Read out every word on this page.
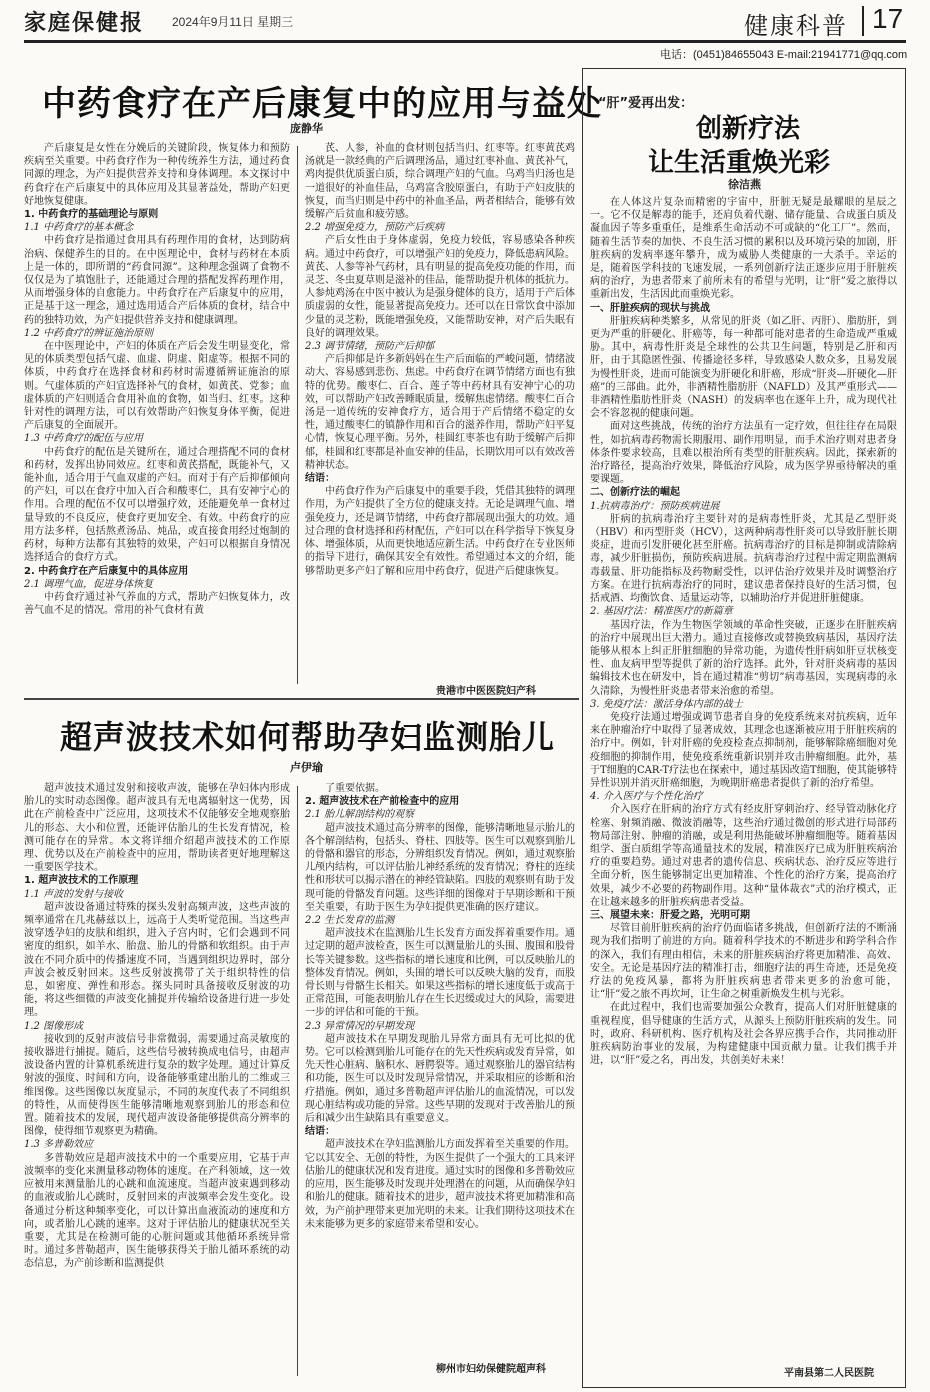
家庭保健报 2024年9月11日 星期三	健康科普 17
电话：(0451)84655043 E-mail:21941771@qq.com
中药食疗在产后康复中的应用与益处
庞静华

产后康复是女性在分娩后的关键阶段，恢复体力和预防疾病至关重要。中药食疗作为一种传统养生方法，通过药食同源的理念，为产妇提供营养支持和身体调理。本文探讨中药食疗在产后康复中的具体应用及其显著益处，帮助产妇更好地恢复健康。

1. 中药食疗的基础理论与原则

1.1 中药食疗的基本概念

中药食疗是指通过食用具有药理作用的食材，达到防病治病、保健养生的目的。在中医理论中，食材与药材在本质上是一体的，即所谓的“药食同源”。这种理念强调了食物不仅仅是为了填饱肚子，还能通过合理的搭配发挥药理作用，从而增强身体的自愈能力。中药食疗在产后康复中的应用，正是基于这一理念，通过选用适合产后体质的食材，结合中药的独特功效，为产妇提供营养支持和健康调理。

1.2 中药食疗的辨证施治原则

在中医理论中，产妇的体质在产后会发生明显变化，常见的体质类型包括气虚、血虚、阴虚、阳虚等。根据不同的体质，中药食疗在选择食材和药材时需遵循辨证施治的原则。气虚体质的产妇宜选择补气的食材，如黄芪、党参；血虚体质的产妇则适合食用补血的食物，如当归、红枣。这种针对性的调理方法，可以有效帮助产妇恢复身体平衡，促进产后康复的全面展开。

1.3 中药食疗的配伍与应用

中药食疗的配伍是关键所在，通过合理搭配不同的食材和药材，发挥出协同效应。红枣和黄芪搭配，既能补气，又能补血，适合用于气血双虚的产妇。而对于有产后抑郁倾向的产妇，可以在食疗中加入百合和酸枣仁，具有安神宁心的作用。合理的配伍不仅可以增强疗效，还能避免单一食材过量导致的不良反应，使食疗更加安全、有效。中药食疗的应用方法多样，包括熬煮汤品、炖品，或直接食用经过炮制的药材，每种方法都有其独特的效果，产妇可以根据自身情况选择适合的食疗方式。

2. 中药食疗在产后康复中的具体应用

2.1 调理气血，促进身体恢复

中药食疗通过补气养血的方式，帮助产妇恢复体力，改善气血不足的情况。常用的补气食材有黄

芪、人参，补血的食材则包括当归、红枣等。红枣黄芪鸡汤就是一款经典的产后调理汤品，通过红枣补血、黄芪补气，鸡肉提供优质蛋白质，综合调理产妇的气血。乌鸡当归汤也是一道很好的补血佳品，乌鸡富含胶原蛋白，有助于产妇皮肤的恢复，而当归则是中药中的补血圣品，两者相结合，能够有效缓解产后贫血和疲劳感。

2.2 增强免疫力，预防产后疾病

产后女性由于身体虚弱，免疫力较低，容易感染各种疾病。通过中药食疗，可以增强产妇的免疫力，降低患病风险。黄芪、人参等补气药材，具有明显的提高免疫功能的作用，而灵芝、冬虫夏草则是滋补的佳品，能帮助提升机体的抵抗力。人参炖鸡汤在中医中被认为是强身健体的良方，适用于产后体质虚弱的女性，能显著提高免疫力。还可以在日常饮食中添加少量的灵芝粉，既能增强免疫，又能帮助安神，对产后失眠有良好的调理效果。

2.3 调节情绪，预防产后抑郁

产后抑郁是许多新妈妈在生产后面临的严峻问题，情绪波动大、容易感到悲伤、焦虑。中药食疗在调节情绪方面也有独特的优势。酸枣仁、百合、莲子等中药材具有安神宁心的功效，可以帮助产妇改善睡眠质量，缓解焦虑情绪。酸枣仁百合汤是一道传统的安神食疗方，适合用于产后情绪不稳定的女性，通过酸枣仁的镇静作用和百合的滋养作用，帮助产妇平复心情，恢复心理平衡。另外，桂圆红枣茶也有助于缓解产后抑郁，桂圆和红枣都是补血安神的佳品，长期饮用可以有效改善精神状态。

结语：

中药食疗作为产后康复中的重要手段，凭借其独特的调理作用，为产妇提供了全方位的健康支持。无论是调理气血、增强免疫力，还是调节情绪，中药食疗都展现出强大的功效。通过合理的食材选择和药材配伍，产妇可以在科学指导下恢复身体、增强体质，从而更快地适应新生活。中药食疗在专业医师的指导下进行，确保其安全有效性。希望通过本文的介绍，能够帮助更多产妇了解和应用中药食疗，促进产后健康恢复。

贵港市中医医院妇产科
超声波技术如何帮助孕妇监测胎儿
卢伊瑜

超声波技术通过发射和接收声波，能够在孕妇体内形成胎儿的实时动态图像。超声波具有无电离辐射这一优势，因此在产前检查中广泛应用，这项技术不仅能够安全地观察胎儿的形态、大小和位置，还能评估胎儿的生长发育情况，检测可能存在的异常。本文将详细介绍超声波技术的工作原理、优势以及在产前检查中的应用，帮助读者更好地理解这一重要医学技术。

1. 超声波技术的工作原理

1.1 声波的发射与接收

超声波设备通过特殊的探头发射高频声波，这些声波的频率通常在几兆赫兹以上，远高于人类听觉范围。当这些声波穿透孕妇的皮肤和组织，进入子宫内时，它们会遇到不同密度的组织，如羊水、胎盘、胎儿的骨骼和软组织。由于声波在不同介质中的传播速度不同，当遇到组织边界时，部分声波会被反射回来。这些反射波携带了关于组织特性的信息，如密度、弹性和形态。探头同时具备接收反射波的功能，将这些细微的声波变化捕捉并传输给设备进行进一步处理。

1.2 图像形成

接收到的反射声波信号非常微弱，需要通过高灵敏度的接收器进行捕捉。随后，这些信号被转换成电信号，由超声波设备内置的计算机系统进行复杂的数字处理。通过计算反射波的强度、时间和方向，设备能够重建出胎儿的二维或三维图像。这些图像以灰度显示，不同的灰度代表了不同组织的特性，从而使得医生能够清晰地观察到胎儿的形态和位置。随着技术的发展，现代超声波设备能够提供高分辨率的图像，使得细节观察更为精确。

1.3 多普勒效应

多普勒效应是超声波技术中的一个重要应用，它基于声波频率的变化来测量移动物体的速度。在产科领域，这一效应被用来测量胎儿的心跳和血流速度。当超声波束遇到移动的血液或胎儿心跳时，反射回来的声波频率会发生变化。设备通过分析这种频率变化，可以计算出血液流动的速度和方向，或者胎儿心跳的速率。这对于评估胎儿的健康状况至关重要，尤其是在检测可能的心脏问题或其他循环系统异常时。通过多普勒超声，医生能够获得关于胎儿循环系统的动态信息，为产前诊断和监测提供

了重要依据。

2. 超声波技术在产前检查中的应用

2.1 胎儿解剖结构的观察

超声波技术通过高分辨率的图像，能够清晰地显示胎儿的各个解剖结构，包括头、脊柱、四肢等。医生可以观察到胎儿的骨骼和器官的形态，分辨组织发育情况。例如，通过观察胎儿颅内结构，可以评估胎儿神经系统的发育情况；脊柱的连续性和形状可以揭示潜在的神经管缺陷。四肢的观察则有助于发现可能的骨骼发育问题。这些详细的图像对于早期诊断和干预至关重要，有助于医生为孕妇提供更准确的医疗建议。

2.2 生长发育的监测

超声波技术在监测胎儿生长发育方面发挥着重要作用。通过定期的超声波检查，医生可以测量胎儿的头围、腹围和股骨长等关键参数。这些指标的增长速度和比例，可以反映胎儿的整体发育情况。例如，头围的增长可以反映大脑的发育，而股骨长则与骨骼生长相关。如果这些指标的增长速度低于或高于正常范围，可能表明胎儿存在生长迟缓或过大的风险，需要进一步的评估和可能的干预。

2.3 异常情况的早期发现

超声波技术在早期发现胎儿异常方面具有无可比拟的优势。它可以检测到胎儿可能存在的先天性疾病或发育异常，如先天性心脏病、脑积水、唇腭裂等。通过观察胎儿的器官结构和功能，医生可以及时发现异常情况，并采取相应的诊断和治疗措施。例如，通过多普勒超声评估胎儿的血流情况，可以发现心脏结构或功能的异常。这些早期的发现对于改善胎儿的预后和减少出生缺陷具有重要意义。

结语：

超声波技术在孕妇监测胎儿方面发挥着至关重要的作用。它以其安全、无创的特性，为医生提供了一个强大的工具来评估胎儿的健康状况和发育进度。通过实时的图像和多普勒效应的应用，医生能够及时发现并处理潜在的问题，从而确保孕妇和胎儿的健康。随着技术的进步，超声波技术将更加精准和高效，为产前护理带来更加光明的未来。让我们期待这项技术在未来能够为更多的家庭带来希望和安心。

柳州市妇幼保健院超声科
“肝”爱再出发：
创新疗法
让生活重焕光彩
徐洁燕

在人体这片复杂而精密的宇宙中，肝脏无疑是最耀眼的星辰之一。它不仅是解毒的能手，还肩负着代谢、储存能量、合成蛋白质及凝血因子等多重重任，是维系生命活动不可或缺的“化工厂”。然而，随着生活节奏的加快、不良生活习惯的累积以及环境污染的加剧，肝脏疾病的发病率逐年攀升，成为威胁人类健康的一大杀手。幸运的是，随着医学科技的飞速发展，一系列创新疗法正逐步应用于肝脏疾病的治疗，为患者带来了前所未有的希望与光明，让“肝”爱之旅得以重新出发，生活因此而重焕光彩。

一、肝脏疾病的现状与挑战

肝脏疾病种类繁多，从常见的肝炎（如乙肝、丙肝）、脂肪肝，到更为严重的肝硬化、肝癌等，每一种都可能对患者的生命造成严重威胁。其中，病毒性肝炎是全球性的公共卫生问题，特别是乙肝和丙肝，由于其隐匿性强、传播途径多样，导致感染人数众多，且易发展为慢性肝炎，进而可能演变为肝硬化和肝癌，形成“肝炎—肝硬化—肝癌”的三部曲。此外，非酒精性脂肪肝（NAFLD）及其严重形式——非酒精性脂肪性肝炎（NASH）的发病率也在逐年上升，成为现代社会不容忽视的健康问题。

面对这些挑战，传统的治疗方法虽有一定疗效，但往往存在局限性，如抗病毒药物需长期服用、副作用明显，而手术治疗则对患者身体条件要求较高，且难以根治所有类型的肝脏疾病。因此，探索新的治疗路径，提高治疗效果，降低治疗风险，成为医学界亟待解决的重要课题。

二、创新疗法的崛起

1.抗病毒治疗：预防疾病进展

肝病的抗病毒治疗主要针对的是病毒性肝炎，尤其是乙型肝炎（HBV）和丙型肝炎（HCV），这两种病毒性肝炎可以导致肝脏长期炎症，进而引发肝硬化甚至肝癌。抗病毒治疗的目标是抑制或清除病毒，减少肝脏损伤，预防疾病进展。抗病毒治疗过程中需定期监测病毒载量、肝功能指标及药物耐受性，以评估治疗效果并及时调整治疗方案。在进行抗病毒治疗的同时，建议患者保持良好的生活习惯，包括戒酒、均衡饮食、适量运动等，以辅助治疗并促进肝脏健康。

2. 基因疗法：精准医疗的新篇章

基因疗法，作为生物医学领域的革命性突破，正逐步在肝脏疾病的治疗中展现出巨大潜力。通过直接修改或替换致病基因，基因疗法能够从根本上纠正肝脏细胞的异常功能，为遗传性肝病如肝豆状核变性、血友病甲型等提供了新的治疗选择。此外，针对肝炎病毒的基因编辑技术也在研发中，旨在通过精准“剪切”病毒基因，实现病毒的永久清除，为慢性肝炎患者带来治愈的希望。

3. 免疫疗法：激活身体内部的战士

免疫疗法通过增强或调节患者自身的免疫系统来对抗疾病，近年来在肿瘤治疗中取得了显著成效，其理念也逐渐被应用于肝脏疾病的治疗中。例如，针对肝癌的免疫检查点抑制剂，能够解除癌细胞对免疫细胞的抑制作用，使免疫系统重新识别并攻击肿瘤细胞。此外，基于T细胞的CAR-T疗法也在探索中，通过基因改造T细胞，使其能够特异性识别并消灭肝癌细胞，为晚期肝癌患者提供了新的治疗希望。

4. 介入医疗与个性化治疗

介入医疗在肝病的治疗方式有经皮肝穿刺治疗、经导管动脉化疗栓塞、射频消融、微波消融等，这些治疗通过微创的形式进行局部药物局部注射、肿瘤的消融，或是利用热能破坏肿瘤细胞等。随着基因组学、蛋白质组学等高通量技术的发展，精准医疗已成为肝脏疾病治疗的重要趋势。通过对患者的遗传信息、疾病状态、治疗反应等进行全面分析，医生能够制定出更加精准、个性化的治疗方案，提高治疗效果，减少不必要的药物副作用。这种“量体裁衣”式的治疗模式，正在让越来越多的肝脏疾病患者受益。

三、展望未来：肝爱之路，光明可期

尽管目前肝脏疾病的治疗仍面临诸多挑战，但创新疗法的不断涌现为我们指明了前进的方向。随着科学技术的不断进步和跨学科合作的深入，我们有理由相信，未来的肝脏疾病治疗将更加精准、高效、安全。无论是基因疗法的精准打击，细胞疗法的再生奇迹，还是免疫疗法的免疫风暴，都将为肝脏疾病患者带来更多的治愈可能，让“肝”爱之旅不再坎坷，让生命之树重新焕发生机与光彩。

在此过程中，我们也需要加强公众教育，提高人们对肝脏健康的重视程度，倡导健康的生活方式，从源头上预防肝脏疾病的发生。同时，政府、科研机构、医疗机构及社会各界应携手合作，共同推动肝脏疾病防治事业的发展，为构建健康中国贡献力量。让我们携手并进，以“肝”爱之名，再出发，共创美好未来！

平南县第二人民医院
